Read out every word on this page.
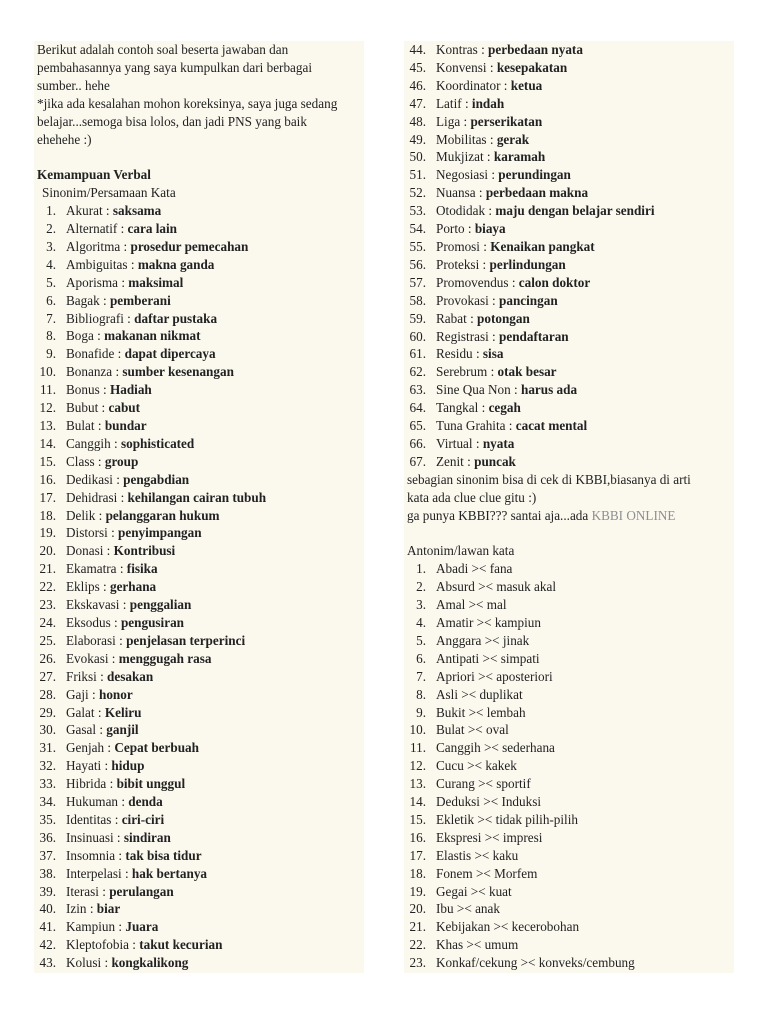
Berikut adalah contoh soal beserta jawaban dan

pembahasannya yang saya kumpulkan dari berbagai

sumber.. hehe

*jika ada kesalahan mohon koreksinya, saya juga sedang

belajar...semoga bisa lolos, dan jadi PNS yang baik

ehehehe :)

Kemampuan Verbal
Sinonim/Persamaan Kata
1. Akurat : saksama
2. Alternatif : cara lain
3. Algoritma : prosedur pemecahan
4. Ambiguitas : makna ganda
5. Aporisma : maksimal
6. Bagak : pemberani
7. Bibliografi : daftar pustaka
8. Boga : makanan nikmat
9. Bonafide : dapat dipercaya
10. Bonanza : sumber kesenangan
11. Bonus : Hadiah
12. Bubut : cabut
13. Bulat : bundar
14. Canggih : sophisticated
15. Class : group
16. Dedikasi : pengabdian
17. Dehidrasi : kehilangan cairan tubuh
18. Delik : pelanggaran hukum
19. Distorsi : penyimpangan
20. Donasi : Kontribusi
21. Ekamatra : fisika
22. Eklips : gerhana
23. Ekskavasi : penggalian
24. Eksodus : pengusiran
25. Elaborasi : penjelasan terperinci
26. Evokasi : menggugah rasa
27. Friksi : desakan
28. Gaji : honor
29. Galat : Keliru
30. Gasal : ganjil
31. Genjah : Cepat berbuah
32. Hayati : hidup
33. Hibrida : bibit unggul
34. Hukuman : denda
35. Identitas : ciri-ciri
36. Insinuasi : sindiran
37. Insomnia : tak bisa tidur
38. Interpelasi : hak bertanya
39. Iterasi : perulangan
40. Izin : biar
41. Kampiun : Juara
42. Kleptofobia : takut kecurian
43. Kolusi : kongkalikong
44. Kontras : perbedaan nyata
45. Konvensi : kesepakatan
46. Koordinator : ketua
47. Latif : indah
48. Liga : perserikatan
49. Mobilitas : gerak
50. Mukjizat : karamah
51. Negosiasi : perundingan
52. Nuansa : perbedaan makna
53. Otodidak : maju dengan belajar sendiri
54. Porto : biaya
55. Promosi : Kenaikan pangkat
56. Proteksi : perlindungan
57. Promovendus : calon doktor
58. Provokasi : pancingan
59. Rabat : potongan
60. Registrasi : pendaftaran
61. Residu : sisa
62. Serebrum : otak besar
63. Sine Qua Non : harus ada
64. Tangkal : cegah
65. Tuna Grahita : cacat mental
66. Virtual : nyata
67. Zenit : puncak
sebagian sinonim bisa di cek di KBBI,biasanya di arti
kata ada clue clue gitu :)
ga punya KBBI??? santai aja...ada KBBI ONLINE
Antonim/lawan kata
1. Abadi >< fana
2. Absurd >< masuk akal
3. Amal >< mal
4. Amatir >< kampiun
5. Anggara >< jinak
6. Antipati >< simpati
7. Apriori >< aposteriori
8. Asli >< duplikat
9. Bukit >< lembah
10. Bulat >< oval
11. Canggih >< sederhana
12. Cucu >< kakek
13. Curang >< sportif
14. Deduksi >< Induksi
15. Ekletik >< tidak pilih-pilih
16. Ekspresi >< impresi
17. Elastis >< kaku
18. Fonem >< Morfem
19. Gegai >< kuat
20. Ibu >< anak
21. Kebijakan >< kecerobohan
22. Khas >< umum
23. Konkaf/cekung >< konveks/cembung
